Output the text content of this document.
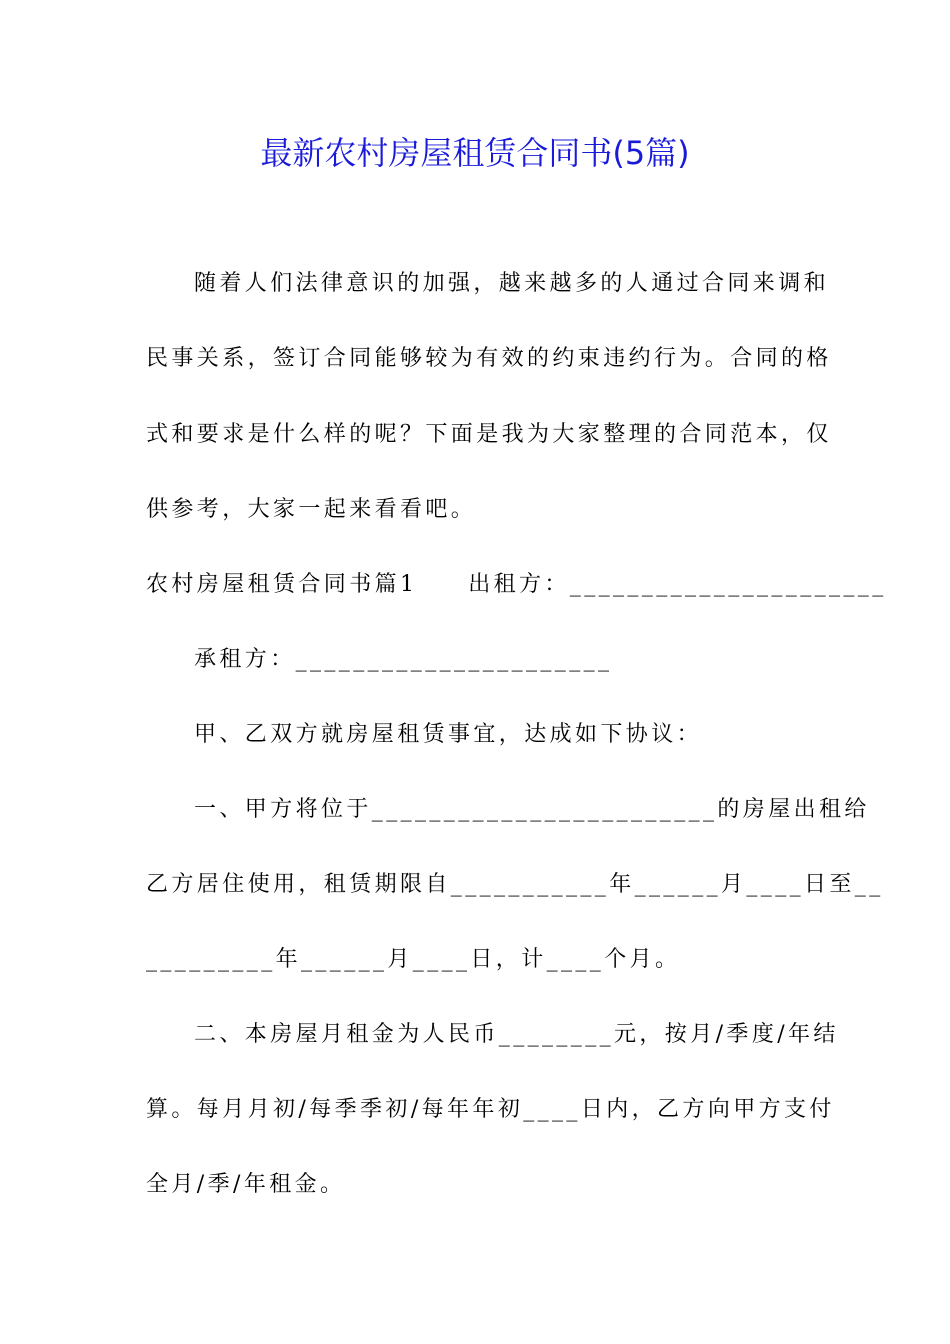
最新农村房屋租赁合同书(5篇)

随着人们法律意识的加强，越来越多的人通过合同来调和

民事关系，签订合同能够较为有效的约束违约行为。合同的格

式和要求是什么样的呢？下面是我为大家整理的合同范本，仅

供参考，大家一起来看看吧。

农村房屋租赁合同书篇1　　出租方：______________________

承租方：______________________

甲、乙双方就房屋租赁事宜，达成如下协议：

一、甲方将位于________________________的房屋出租给

乙方居住使用，租赁期限自___________年______月____日至__

_________年______月____日，计____个月。

二、本房屋月租金为人民币________元，按月/季度/年结

算。每月月初/每季季初/每年年初____日内，乙方向甲方支付

全月/季/年租金。
